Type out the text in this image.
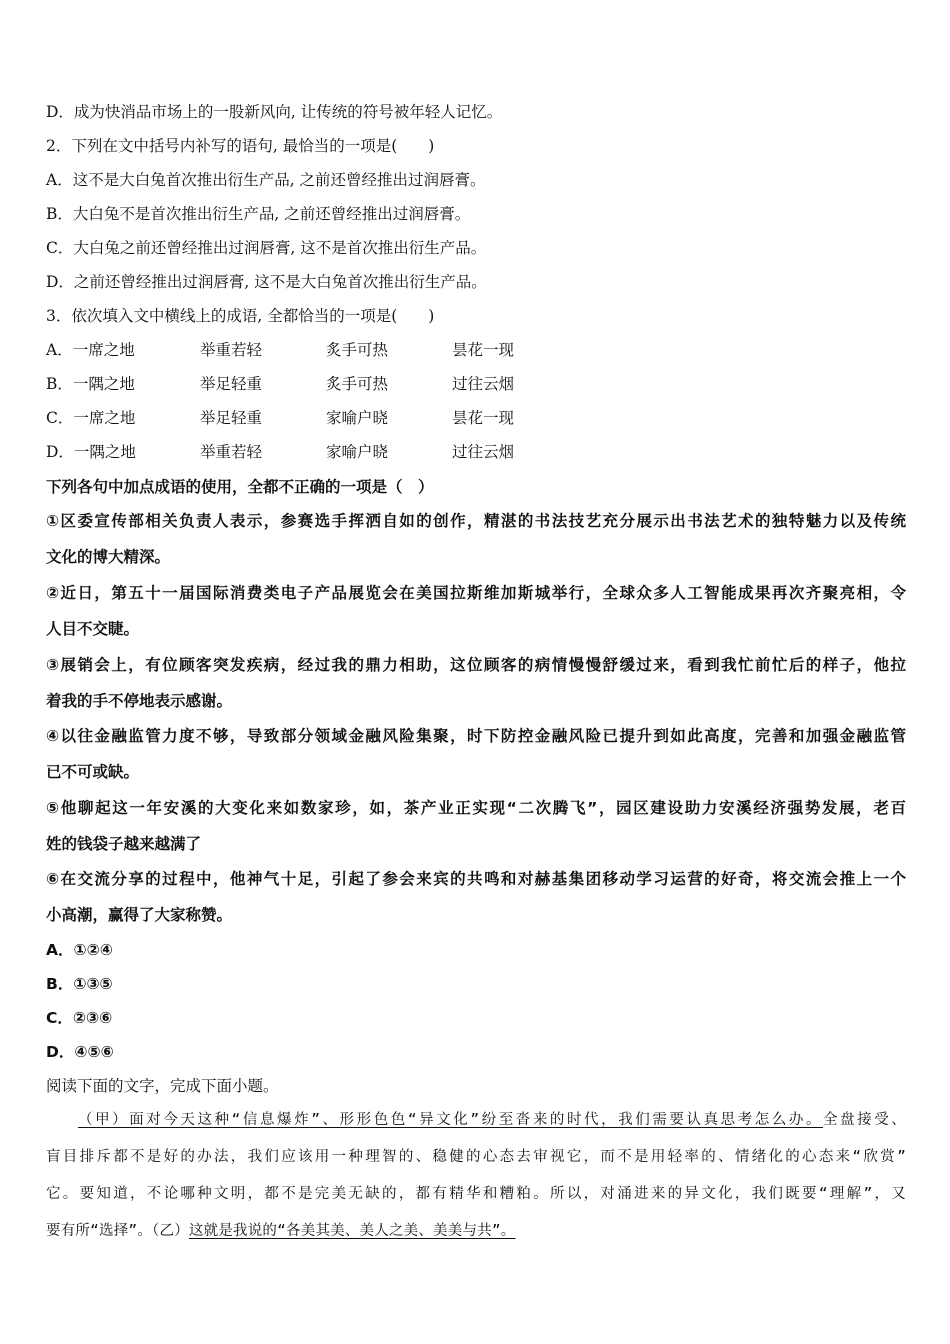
D．成为快消品市场上的一股新风向, 让传统的符号被年轻人记忆。
2．下列在文中括号内补写的语句, 最恰当的一项是(　　)
A．这不是大白兔首次推出衍生产品, 之前还曾经推出过润唇膏。
B．大白兔不是首次推出衍生产品, 之前还曾经推出过润唇膏。
C．大白兔之前还曾经推出过润唇膏, 这不是首次推出衍生产品。
D．之前还曾经推出过润唇膏, 这不是大白兔首次推出衍生产品。
3．依次填入文中横线上的成语, 全都恰当的一项是(　　)
A．一席之地	举重若轻	炙手可热	昙花一现
B．一隅之地	举足轻重	炙手可热	过往云烟
C．一席之地	举足轻重	家喻户晓	昙花一现
D．一隅之地	举重若轻	家喻户晓	过往云烟
下列各句中加点成语的使用，全都不正确的一项是（　）
①区委宣传部相关负责人表示，参赛选手挥洒自如的创作，精湛的书法技艺充分展示出书法艺术的独特魅力以及传统
文化的博大精深。
②近日，第五十一届国际消费类电子产品展览会在美国拉斯维加斯城举行，全球众多人工智能成果再次齐聚亮相，令
人目不交睫。
③展销会上，有位顾客突发疾病，经过我的鼎力相助，这位顾客的病情慢慢舒缓过来，看到我忙前忙后的样子，他拉
着我的手不停地表示感谢。
④以往金融监管力度不够，导致部分领域金融风险集聚，时下防控金融风险已提升到如此高度，完善和加强金融监管
已不可或缺。
⑤他聊起这一年安溪的大变化来如数家珍，如，茶产业正实现“二次腾飞”，园区建设助力安溪经济强势发展，老百
姓的钱袋子越来越满了
⑥在交流分享的过程中，他神气十足，引起了参会来宾的共鸣和对赫基集团移动学习运营的好奇，将交流会推上一个
小高潮，赢得了大家称赞。
A．①②④
B．①③⑤
C．②③⑥
D．④⑤⑥
阅读下面的文字，完成下面小题。
（甲）面对今天这种“信息爆炸”、形形色色“异文化”纷至沓来的时代，我们需要认真思考怎么办。全盘接受、
盲目排斥都不是好的办法，我们应该用一种理智的、稳健的心态去审视它，而不是用轻率的、情绪化的心态来“欣赏”
它。要知道，不论哪种文明，都不是完美无缺的，都有精华和糟粕。所以，对涌进来的异文化，我们既要“理解”，又
要有所“选择”。（乙）这就是我说的“各美其美、美人之美、美美与共”。
